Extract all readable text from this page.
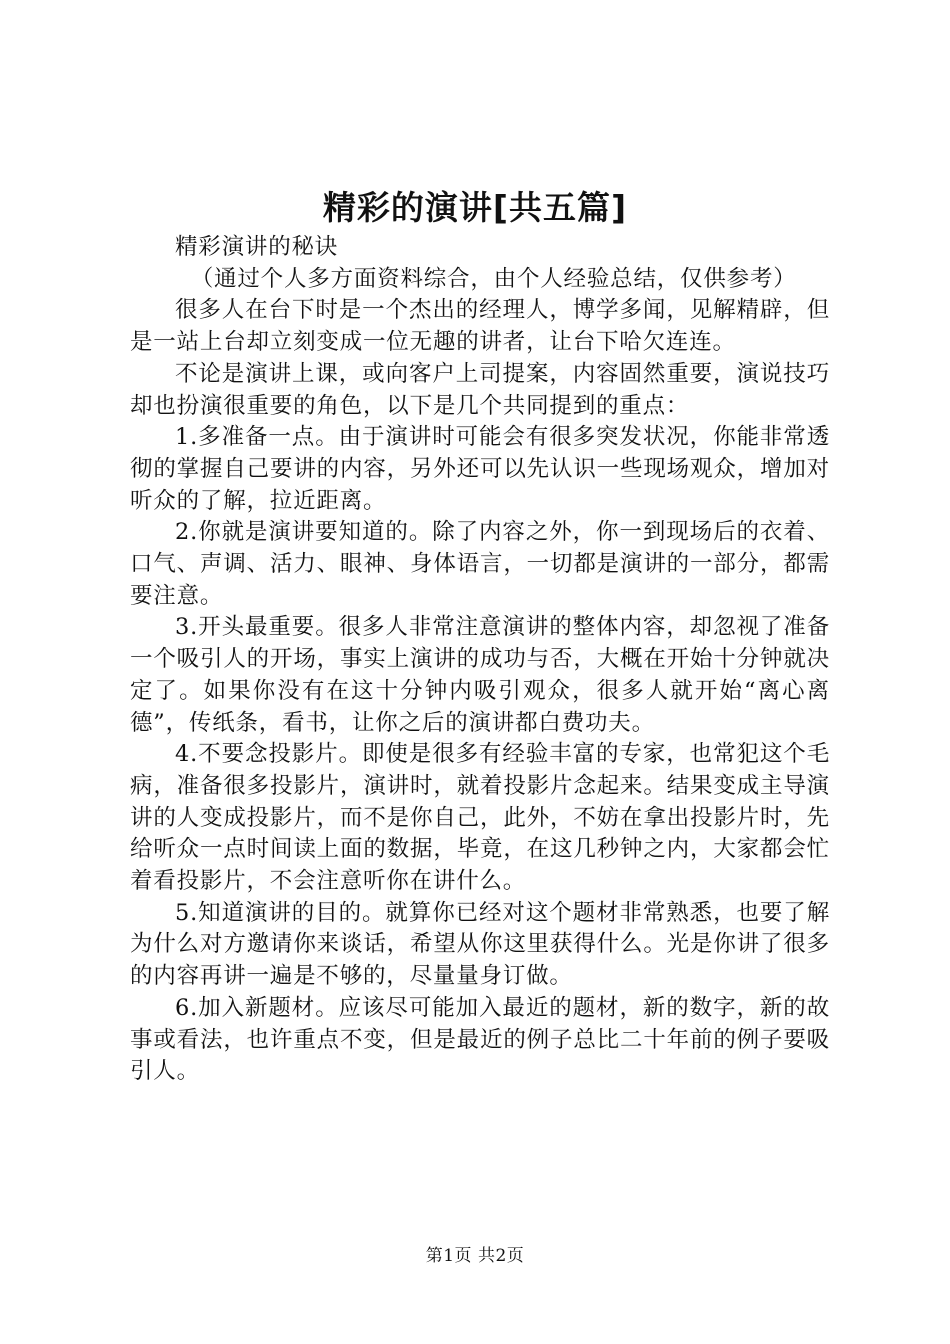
精彩的演讲[共五篇]

精彩演讲的秘诀

（通过个人多方面资料综合，由个人经验总结，仅供参考）

很多人在台下时是一个杰出的经理人，博学多闻，见解精辟，但是一站上台却立刻变成一位无趣的讲者，让台下哈欠连连。

不论是演讲上课，或向客户上司提案，内容固然重要，演说技巧却也扮演很重要的角色，以下是几个共同提到的重点：

1.多准备一点。由于演讲时可能会有很多突发状况，你能非常透彻的掌握自己要讲的内容，另外还可以先认识一些现场观众，增加对听众的了解，拉近距离。

2.你就是演讲要知道的。除了内容之外，你一到现场后的衣着、口气、声调、活力、眼神、身体语言，一切都是演讲的一部分，都需要注意。

3.开头最重要。很多人非常注意演讲的整体内容，却忽视了准备一个吸引人的开场，事实上演讲的成功与否，大概在开始十分钟就决定了。如果你没有在这十分钟内吸引观众，很多人就开始“离心离德”，传纸条，看书，让你之后的演讲都白费功夫。

4.不要念投影片。即使是很多有经验丰富的专家，也常犯这个毛病，准备很多投影片，演讲时，就着投影片念起来。结果变成主导演讲的人变成投影片，而不是你自己，此外，不妨在拿出投影片时，先给听众一点时间读上面的数据，毕竟，在这几秒钟之内，大家都会忙着看投影片，不会注意听你在讲什么。

5.知道演讲的目的。就算你已经对这个题材非常熟悉，也要了解为什么对方邀请你来谈话，希望从你这里获得什么。光是你讲了很多的内容再讲一遍是不够的，尽量量身订做。

6.加入新题材。应该尽可能加入最近的题材，新的数字，新的故事或看法，也许重点不变，但是最近的例子总比二十年前的例子要吸引人。

第1页 共2页
